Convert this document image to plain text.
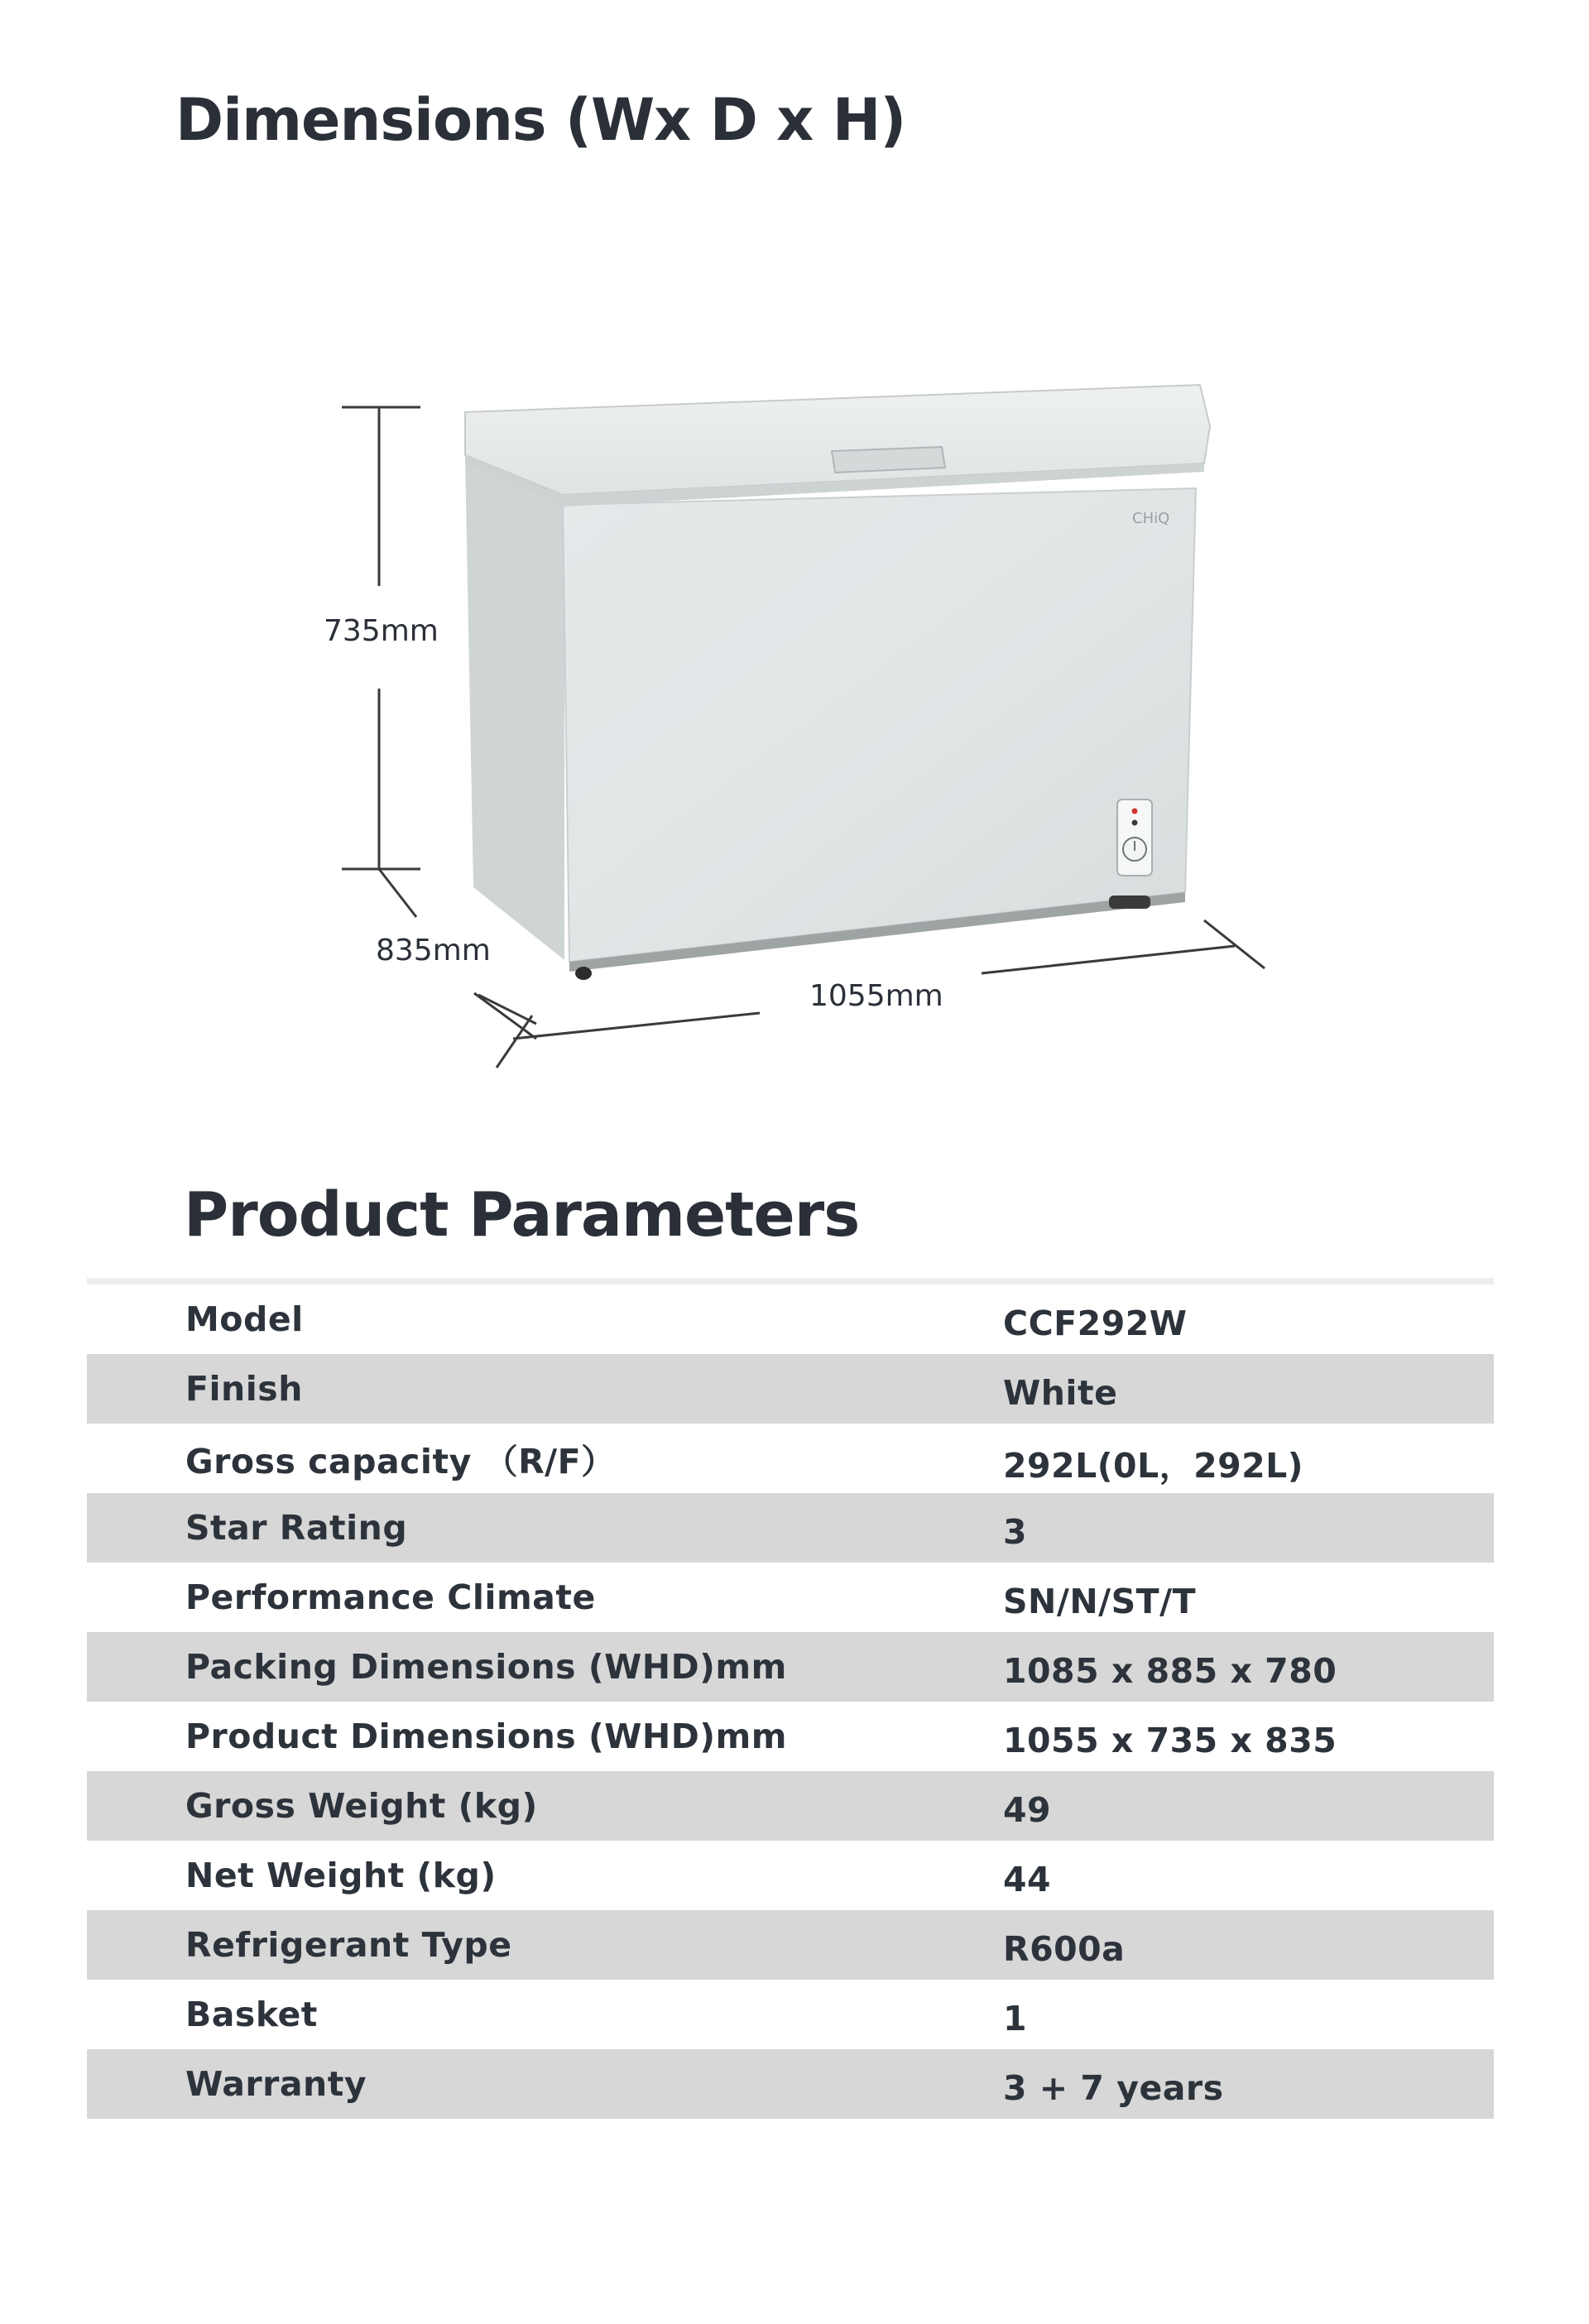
Dimensions (Wx D x H)
CHiQ
735mm
835mm
1055mm
Product Parameters
Model	CCF292W
Finish	White
Gross capacity （R/F）	292L(0L，292L)
Star Rating	3
Performance Climate	SN/N/ST/T
Packing Dimensions (WHD)mm	1085 x 885 x 780
Product Dimensions (WHD)mm	1055 x 735 x 835
Gross Weight (kg)	49
Net Weight (kg)	44
Refrigerant Type	R600a
Basket	1
Warranty	3 + 7 years
